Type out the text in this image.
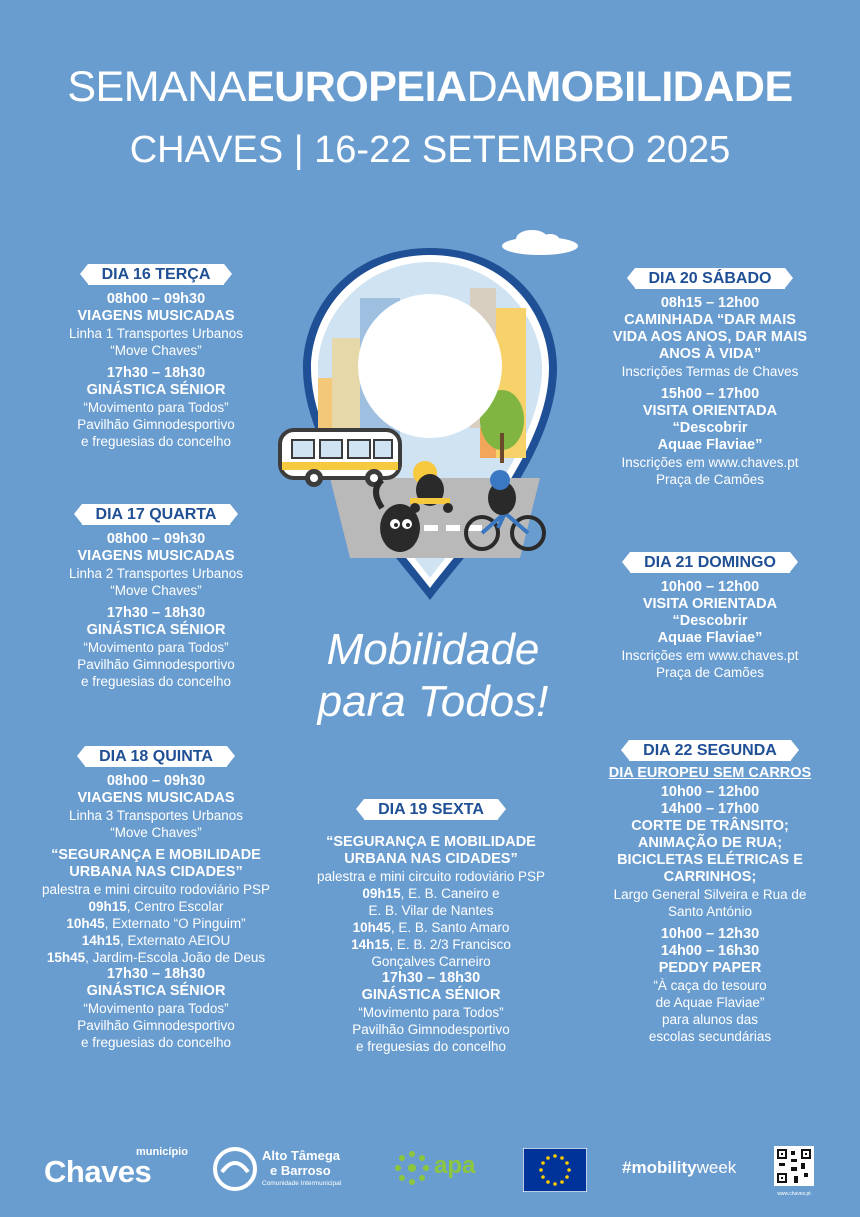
SEMANAEUROPEIADAMOBILIDADE
CHAVES | 16-22 SETEMBRO 2025
Mobilidade
para Todos!
DIA 16 TERÇA
08h00 – 09h30
VIAGENS MUSICADAS
Linha 1 Transportes Urbanos
“Move Chaves”
17h30 – 18h30
GINÁSTICA SÉNIOR
“Movimento para Todos”
Pavilhão Gimnodesportivo
e freguesias do concelho
DIA 17 QUARTA
08h00 – 09h30
VIAGENS MUSICADAS
Linha 2 Transportes Urbanos
“Move Chaves”
17h30 – 18h30
GINÁSTICA SÉNIOR
“Movimento para Todos”
Pavilhão Gimnodesportivo
e freguesias do concelho
DIA 18 QUINTA
08h00 – 09h30
VIAGENS MUSICADAS
Linha 3 Transportes Urbanos
“Move Chaves”
“SEGURANÇA E MOBILIDADE
URBANA NAS CIDADES”
palestra e mini circuito rodoviário PSP
09h15, Centro Escolar
10h45, Externato “O Pinguim”
14h15, Externato AEIOU
15h45, Jardim-Escola João de Deus
17h30 – 18h30
GINÁSTICA SÉNIOR
“Movimento para Todos”
Pavilhão Gimnodesportivo
e freguesias do concelho
DIA 19 SEXTA
“SEGURANÇA E MOBILIDADE
URBANA NAS CIDADES”
palestra e mini circuito rodoviário PSP
09h15, E. B. Caneiro e
E. B. Vilar de Nantes
10h45, E. B. Santo Amaro
14h15, E. B. 2/3 Francisco
Gonçalves Carneiro
17h30 – 18h30
GINÁSTICA SÉNIOR
“Movimento para Todos”
Pavilhão Gimnodesportivo
e freguesias do concelho
DIA 20 SÁBADO
08h15 – 12h00
CAMINHADA “DAR MAIS
VIDA AOS ANOS, DAR MAIS
ANOS À VIDA”
Inscrições Termas de Chaves
15h00 – 17h00
VISITA ORIENTADA
“Descobrir
Aquae Flaviae”
Inscrições em www.chaves.pt
Praça de Camões
DIA 21 DOMINGO
10h00 – 12h00
VISITA ORIENTADA
“Descobrir
Aquae Flaviae”
Inscrições em www.chaves.pt
Praça de Camões
DIA 22 SEGUNDA
DIA EUROPEU SEM CARROS
10h00 – 12h00
14h00 – 17h00
CORTE DE TRÂNSITO;
ANIMAÇÃO DE RUA;
BICICLETAS ELÉTRICAS E
CARRINHOS;
Largo General Silveira e Rua de
Santo António
10h00 – 12h30
14h00 – 16h30
PEDDY PAPER
“À caça do tesouro
de Aquae Flaviae”
para alunos das
escolas secundárias
município
Chaves	Alto Tâmega
e Barroso
Comunidade Intermunicipal
apa	#mobilityweek
www.chaves.pt
